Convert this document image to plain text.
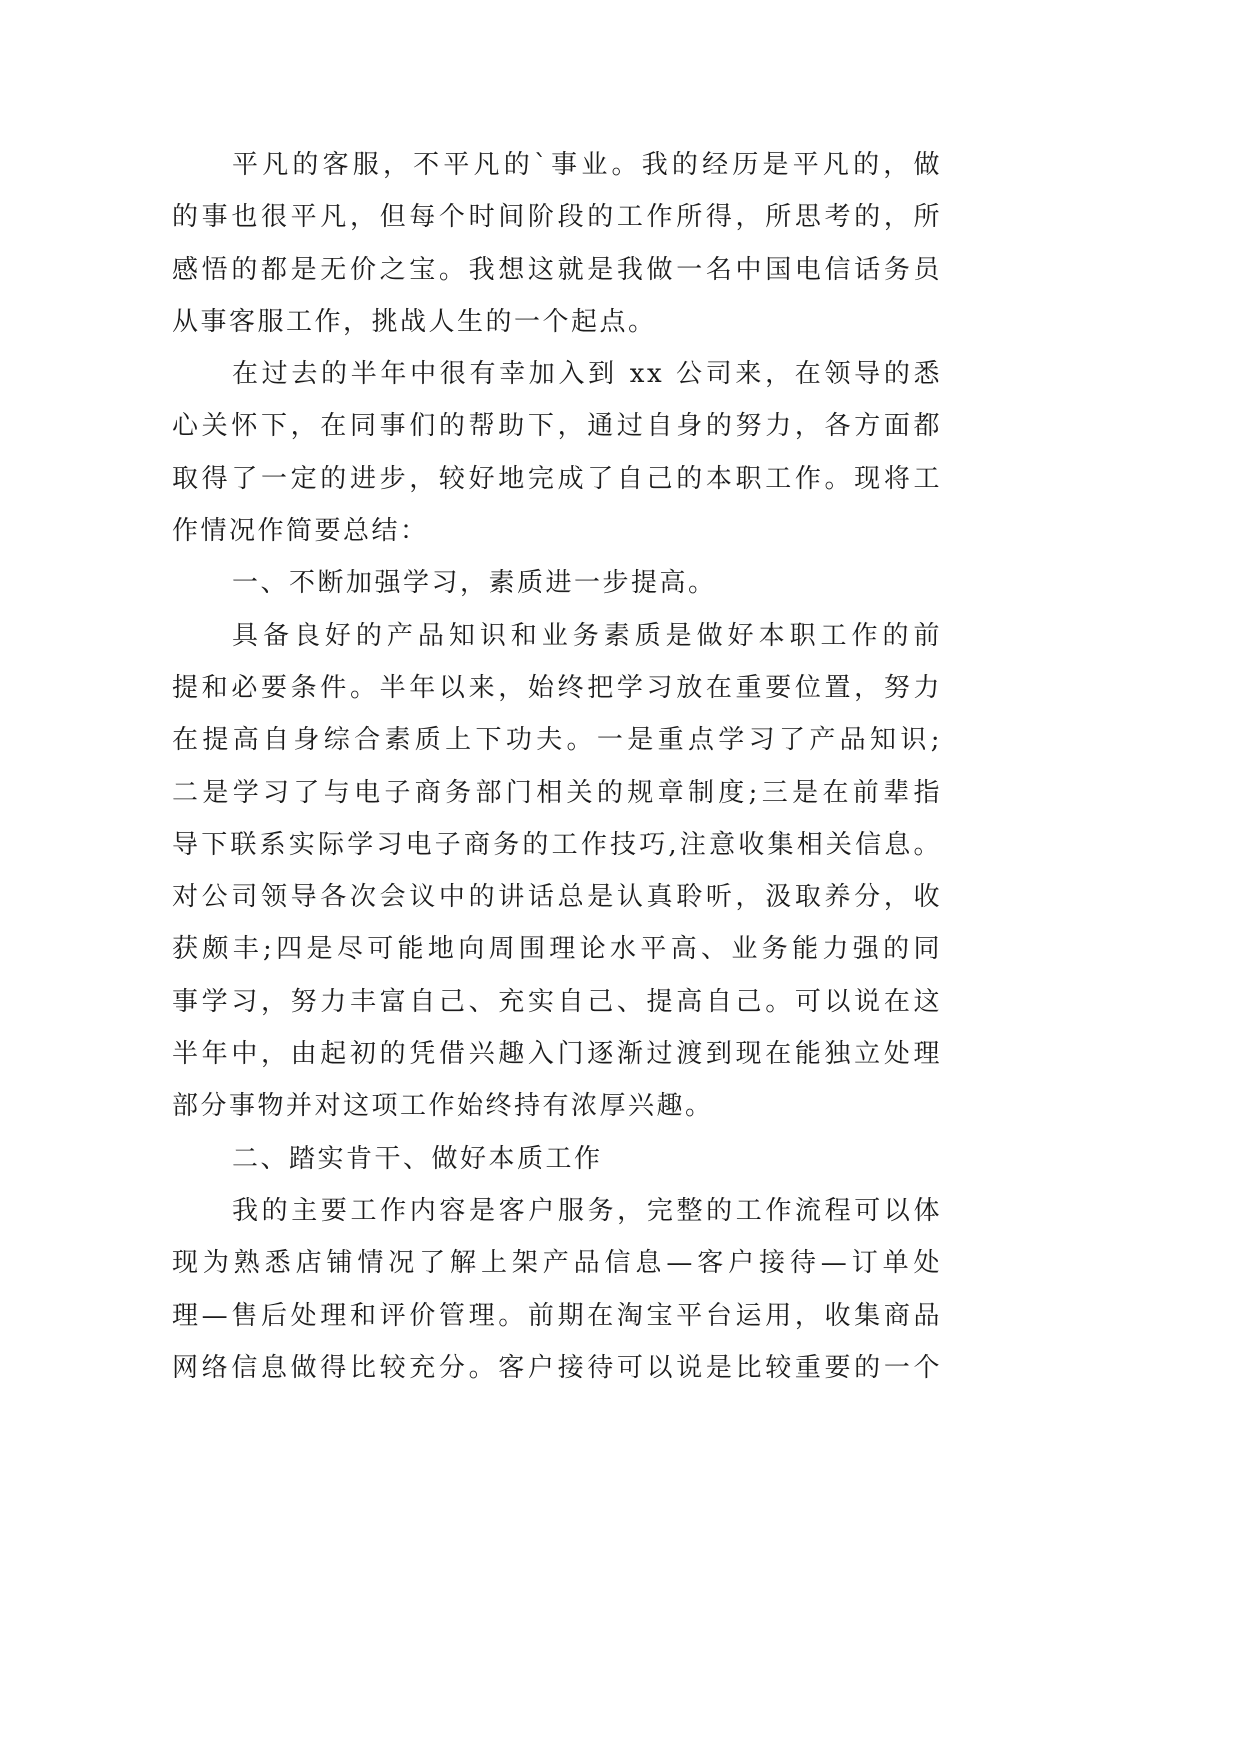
平凡的客服，不平凡的`事业。我的经历是平凡的，做
的事也很平凡，但每个时间阶段的工作所得，所思考的，所
感悟的都是无价之宝。我想这就是我做一名中国电信话务员
从事客服工作，挑战人生的一个起点。
在过去的半年中很有幸加入到 xx 公司来，在领导的悉
心关怀下，在同事们的帮助下，通过自身的努力，各方面都
取得了一定的进步，较好地完成了自己的本职工作。现将工
作情况作简要总结：
一、不断加强学习，素质进一步提高。
具备良好的产品知识和业务素质是做好本职工作的前
提和必要条件。半年以来，始终把学习放在重要位置，努力
在提高自身综合素质上下功夫。一是重点学习了产品知识;
二是学习了与电子商务部门相关的规章制度;三是在前辈指
导下联系实际学习电子商务的工作技巧,注意收集相关信息。
对公司领导各次会议中的讲话总是认真聆听，汲取养分，收
获颇丰;四是尽可能地向周围理论水平高、业务能力强的同
事学习，努力丰富自己、充实自己、提高自己。可以说在这
半年中，由起初的凭借兴趣入门逐渐过渡到现在能独立处理
部分事物并对这项工作始终持有浓厚兴趣。
二、踏实肯干、做好本质工作
我的主要工作内容是客户服务，完整的工作流程可以体
现为熟悉店铺情况了解上架产品信息—客户接待—订单处
理—售后处理和评价管理。前期在淘宝平台运用，收集商品
网络信息做得比较充分。客户接待可以说是比较重要的一个
